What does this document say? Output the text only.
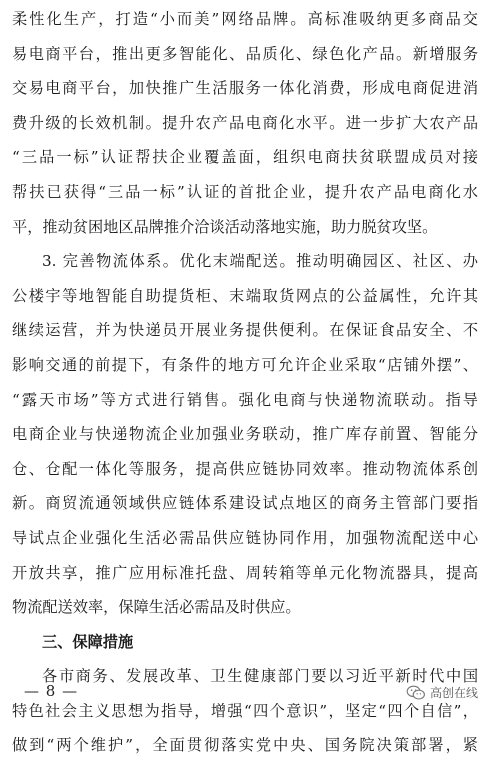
柔性化生产，打造“小而美”网络品牌。高标准吸纳更多商品交
易电商平台，推出更多智能化、品质化、绿色化产品。新增服务
交易电商平台，加快推广生活服务一体化消费，形成电商促进消
费升级的长效机制。提升农产品电商化水平。进一步扩大农产品
“三品一标”认证帮扶企业覆盖面，组织电商扶贫联盟成员对接
帮扶已获得“三品一标”认证的首批企业，提升农产品电商化水
平，推动贫困地区品牌推介洽谈活动落地实施，助力脱贫攻坚。
3. 完善物流体系。优化末端配送。推动明确园区、社区、办
公楼宇等地智能自助提货柜、末端取货网点的公益属性，允许其
继续运营，并为快递员开展业务提供便利。在保证食品安全、不
影响交通的前提下，有条件的地方可允许企业采取“店铺外摆”、
“露天市场”等方式进行销售。强化电商与快递物流联动。指导
电商企业与快递物流企业加强业务联动，推广库存前置、智能分
仓、仓配一体化等服务，提高供应链协同效率。推动物流体系创
新。商贸流通领域供应链体系建设试点地区的商务主管部门要指
导试点企业强化生活必需品供应链协同作用，加强物流配送中心
开放共享，推广应用标准托盘、周转箱等单元化物流器具，提高
物流配送效率，保障生活必需品及时供应。
三、保障措施
各市商务、发展改革、卫生健康部门要以习近平新时代中国
特色社会主义思想为指导，增强“四个意识”，坚定“四个自信”，
做到“两个维护”，全面贯彻落实党中央、国务院决策部署，紧
— 8 —	高创在线
